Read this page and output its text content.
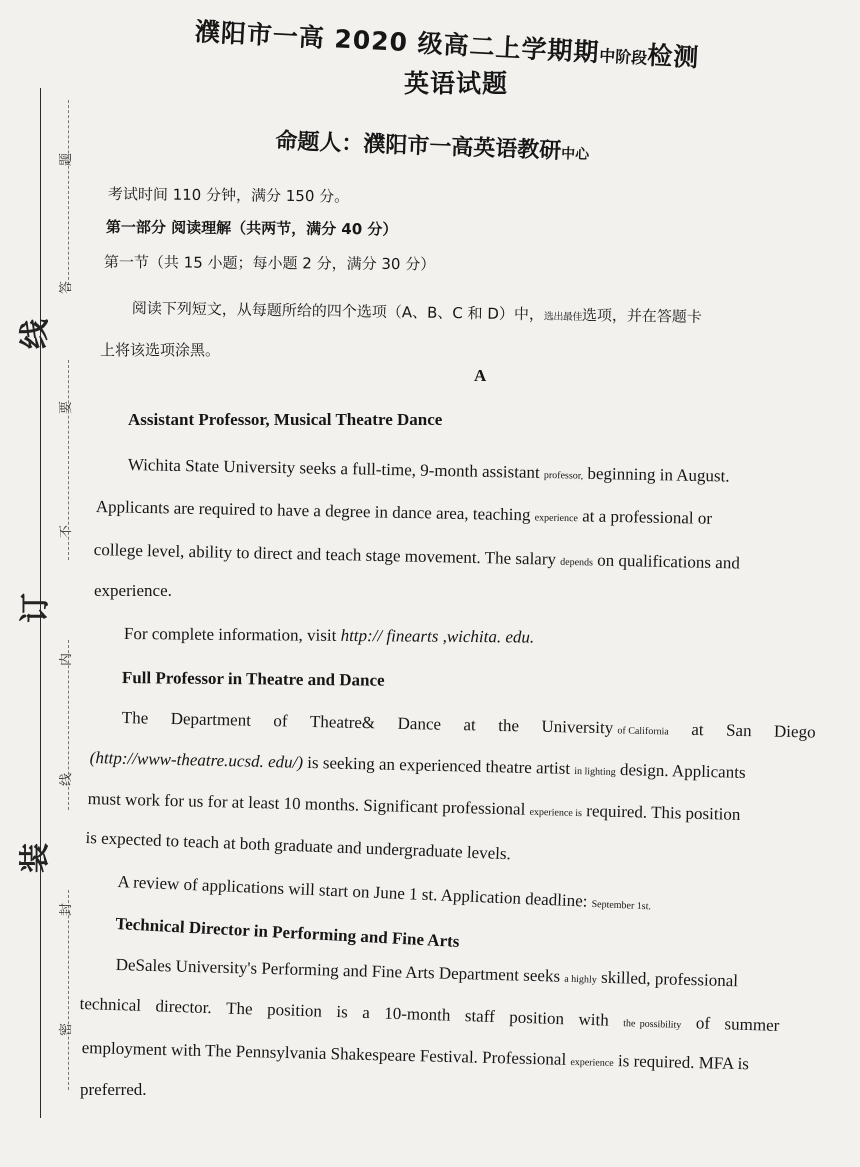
线
订
装
题
答
要
不
内
线
封
密
濮阳市一高 2020 级高二上学期期中阶段检测
英语试题
命题人：濮阳市一高英语教研中心
考试时间 110 分钟，满分 150 分。
第一部分 阅读理解（共两节，满分 40 分）
第一节（共 15 小题；每小题 2 分，满分 30 分）
阅读下列短文，从每题所给的四个选项（A、B、C 和 D）中，选出最佳选项，并在答题卡
上将该选项涂黑。
A
Assistant Professor, Musical Theatre Dance
Wichita State University seeks a full-time, 9-month assistant professor, beginning in August.
Applicants are required to have a degree in dance area, teaching experience at a professional or
college level, ability to direct and teach stage movement. The salary depends on qualifications and
experience.
For complete information, visit http:// finearts ,wichita. edu.
Full Professor in Theatre and Dance
The Department of Theatre& Dance at the University of California at San Diego
(http://www-theatre.ucsd. edu/) is seeking an experienced theatre artist in lighting design. Applicants
must work for us for at least 10 months. Significant professional experience is required. This position
is expected to teach at both graduate and undergraduate levels.
A review of applications will start on June 1 st. Application deadline: September 1st.
Technical Director in Performing and Fine Arts
DeSales University's Performing and Fine Arts Department seeks a highly skilled, professional
technical director. The position is a 10-month staff position with the possibility of summer
employment with The Pennsylvania Shakespeare Festival. Professional experience is required. MFA is
preferred.
